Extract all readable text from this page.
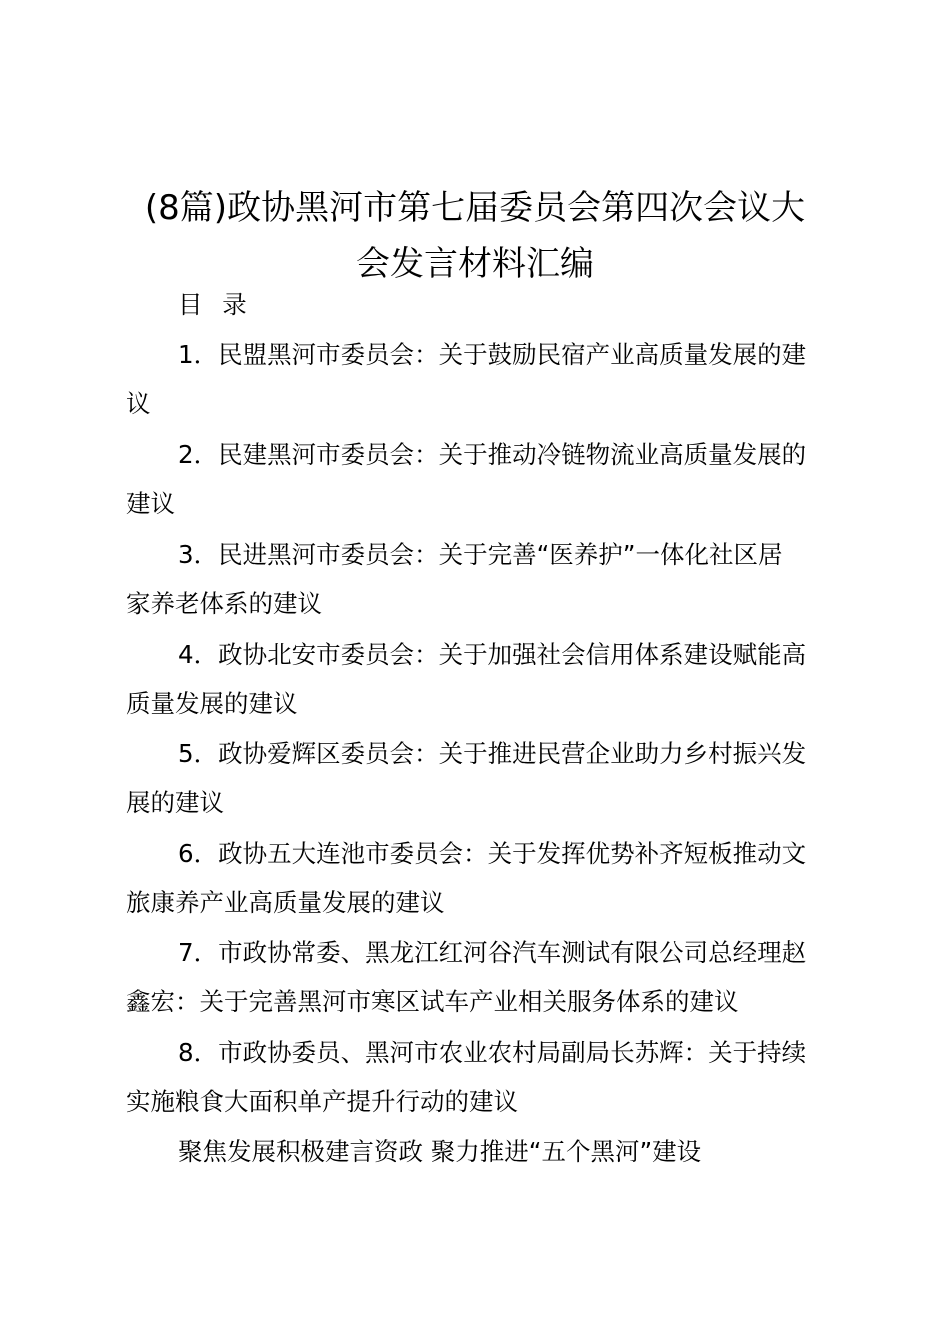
(8篇)政协黑河市第七届委员会第四次会议大
会发言材料汇编
目 录
1．民盟黑河市委员会：关于鼓励民宿产业高质量发展的建
议
2．民建黑河市委员会：关于推动冷链物流业高质量发展的
建议
3．民进黑河市委员会：关于完善“医养护”一体化社区居
家养老体系的建议
4．政协北安市委员会：关于加强社会信用体系建设赋能高
质量发展的建议
5．政协爱辉区委员会：关于推进民营企业助力乡村振兴发
展的建议
6．政协五大连池市委员会：关于发挥优势补齐短板推动文
旅康养产业高质量发展的建议
7．市政协常委、黑龙江红河谷汽车测试有限公司总经理赵
鑫宏：关于完善黑河市寒区试车产业相关服务体系的建议
8．市政协委员、黑河市农业农村局副局长苏辉：关于持续
实施粮食大面积单产提升行动的建议
聚焦发展积极建言资政 聚力推进“五个黑河”建设
